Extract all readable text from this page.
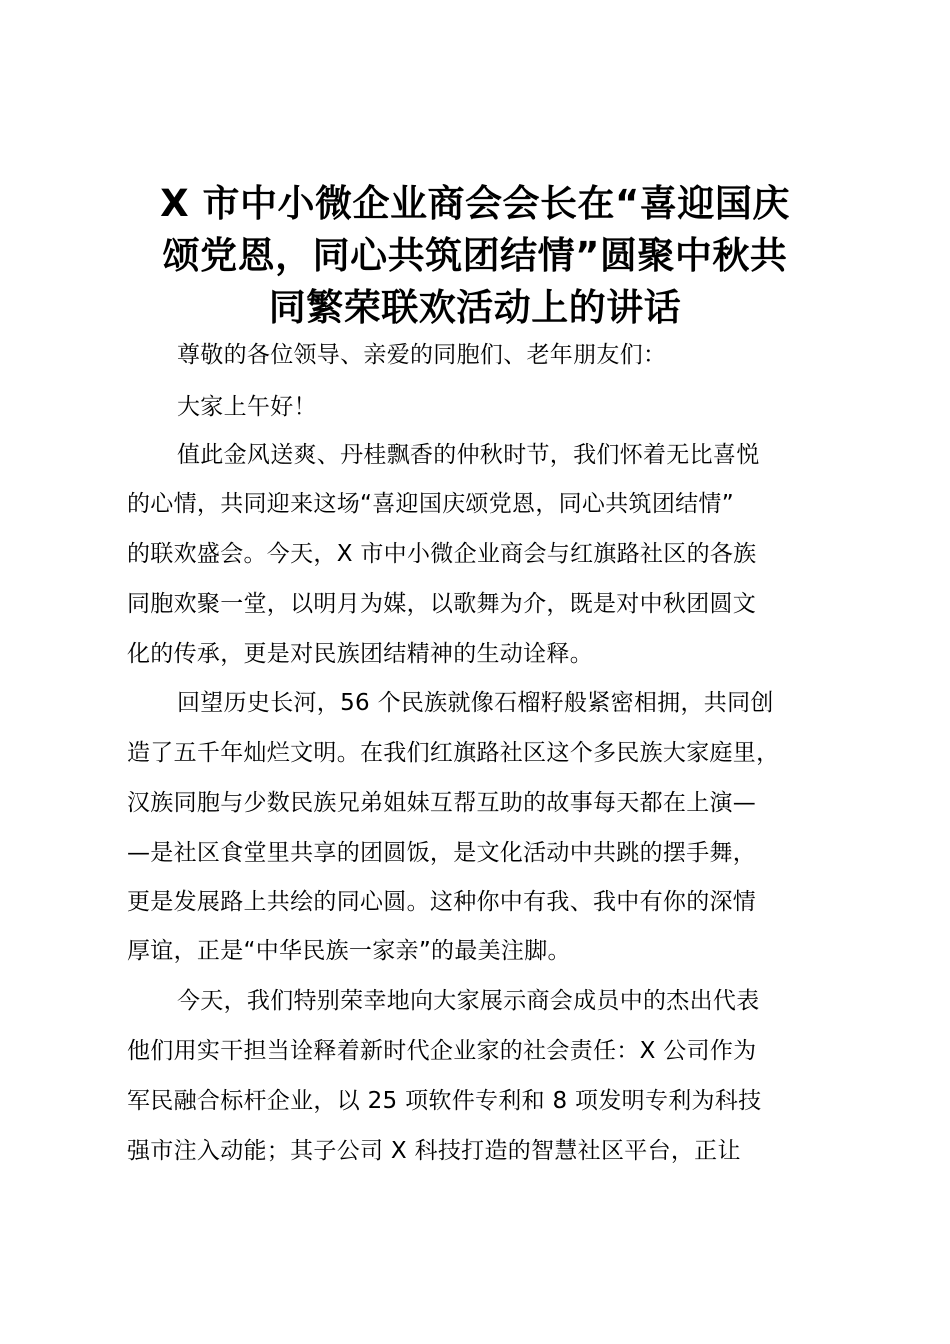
X 市中小微企业商会会长在“喜迎国庆
颂党恩，同心共筑团结情”圆聚中秋共
同繁荣联欢活动上的讲话
尊敬的各位领导、亲爱的同胞们、老年朋友们：
大家上午好！
值此金风送爽、丹桂飘香的仲秋时节，我们怀着无比喜悦
的心情，共同迎来这场“喜迎国庆颂党恩，同心共筑团结情”
的联欢盛会。今天，X 市中小微企业商会与红旗路社区的各族
同胞欢聚一堂，以明月为媒，以歌舞为介，既是对中秋团圆文
化的传承，更是对民族团结精神的生动诠释。
回望历史长河，56 个民族就像石榴籽般紧密相拥，共同创
造了五千年灿烂文明。在我们红旗路社区这个多民族大家庭里，
汉族同胞与少数民族兄弟姐妹互帮互助的故事每天都在上演—
—是社区食堂里共享的团圆饭，是文化活动中共跳的摆手舞，
更是发展路上共绘的同心圆。这种你中有我、我中有你的深情
厚谊，正是“中华民族一家亲”的最美注脚。
今天，我们特别荣幸地向大家展示商会成员中的杰出代表
他们用实干担当诠释着新时代企业家的社会责任：X 公司作为
军民融合标杆企业，以 25 项软件专利和 8 项发明专利为科技
强市注入动能；其子公司 X 科技打造的智慧社区平台，正让
